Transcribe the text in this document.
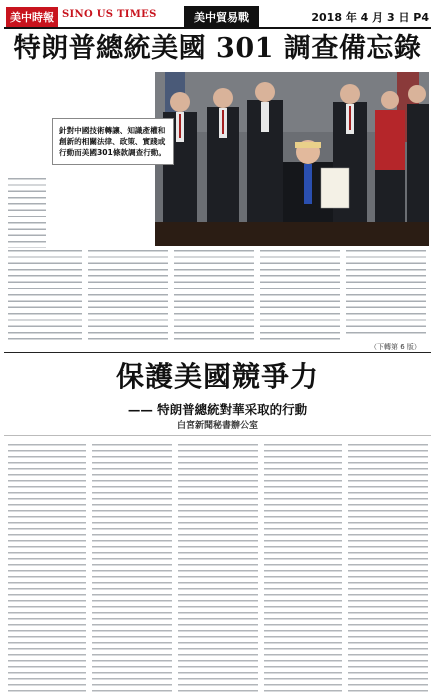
美中時報 SINO US TIMES	美中貿易戰	2018 年 4 月 3 日 P4
特朗普總統美國 301 調查備忘錄
針對中國技術轉讓、知識產權和創新的相關法律、政策、實踐或行動而美國301條款調查行動。
（下轉第 6 版）
保護美國競爭力
—— 特朗普總統對華采取的行動
白宮新聞秘書辦公室
